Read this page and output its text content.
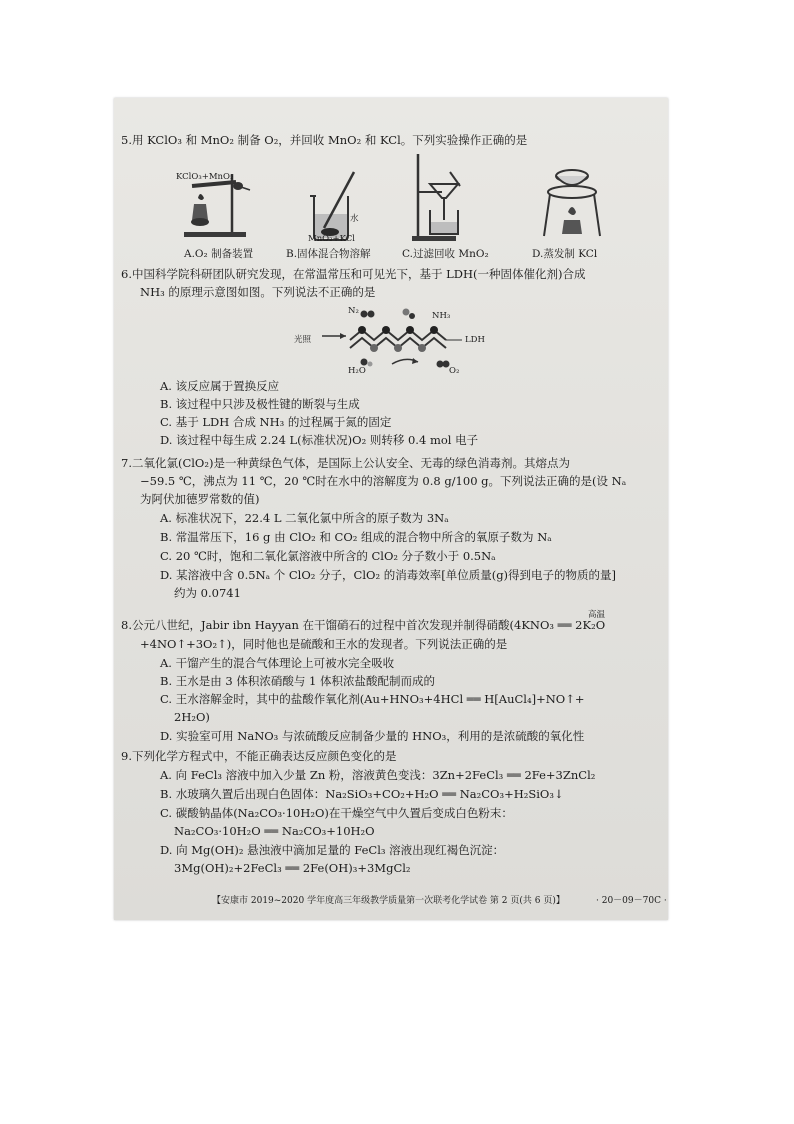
5.用 KClO₃ 和 MnO₂ 制备 O₂，并回收 MnO₂ 和 KCl。下列实验操作正确的是
KClO₃+MnO₂
水
MnO₂+KCl
A.O₂ 制备装置	B.固体混合物溶解	C.过滤回收 MnO₂	D.蒸发制 KCl
6.中国科学院科研团队研究发现，在常温常压和可见光下，基于 LDH(一种固体催化剂)合成
NH₃ 的原理示意图如图。下列说法不正确的是
N₂	NH₃
光照	LDH
H₂O	O₂
A. 该反应属于置换反应
B. 该过程中只涉及极性键的断裂与生成
C. 基于 LDH 合成 NH₃ 的过程属于氮的固定
D. 该过程中每生成 2.24 L(标准状况)O₂ 则转移 0.4 mol 电子
7.二氧化氯(ClO₂)是一种黄绿色气体，是国际上公认安全、无毒的绿色消毒剂。其熔点为
−59.5 ℃，沸点为 11 ℃，20 ℃时在水中的溶解度为 0.8 g/100 g。下列说法正确的是(设 Nₐ
为阿伏加德罗常数的值)
A. 标准状况下，22.4 L 二氧化氯中所含的原子数为 3Nₐ
B. 常温常压下，16 g 由 ClO₂ 和 CO₂ 组成的混合物中所含的氧原子数为 Nₐ
C. 20 ℃时，饱和二氧化氯溶液中所含的 ClO₂ 分子数小于 0.5Nₐ
D. 某溶液中含 0.5Nₐ 个 ClO₂ 分子，ClO₂ 的消毒效率[单位质量(g)得到电子的物质的量]
约为 0.0741
高温
8.公元八世纪，Jabir ibn Hayyan 在干馏硝石的过程中首次发现并制得硝酸(4KNO₃ ══ 2K₂O
+4NO↑+3O₂↑)，同时他也是硫酸和王水的发现者。下列说法正确的是
A. 干馏产生的混合气体理论上可被水完全吸收
B. 王水是由 3 体积浓硝酸与 1 体积浓盐酸配制而成的
C. 王水溶解金时，其中的盐酸作氧化剂(Au+HNO₃+4HCl ══ H[AuCl₄]+NO↑+
2H₂O)
D. 实验室可用 NaNO₃ 与浓硫酸反应制备少量的 HNO₃，利用的是浓硫酸的氧化性
9.下列化学方程式中，不能正确表达反应颜色变化的是
A. 向 FeCl₃ 溶液中加入少量 Zn 粉，溶液黄色变浅：3Zn+2FeCl₃ ══ 2Fe+3ZnCl₂
B. 水玻璃久置后出现白色固体：Na₂SiO₃+CO₂+H₂O ══ Na₂CO₃+H₂SiO₃↓
C. 碳酸钠晶体(Na₂CO₃·10H₂O)在干燥空气中久置后变成白色粉末：
Na₂CO₃·10H₂O ══ Na₂CO₃+10H₂O
D. 向 Mg(OH)₂ 悬浊液中滴加足量的 FeCl₃ 溶液出现红褐色沉淀：
3Mg(OH)₂+2FeCl₃ ══ 2Fe(OH)₃+3MgCl₂
【安康市 2019~2020 学年度高三年级教学质量第一次联考化学试卷 第 2 页(共 6 页)】	· 20－09－70C ·
